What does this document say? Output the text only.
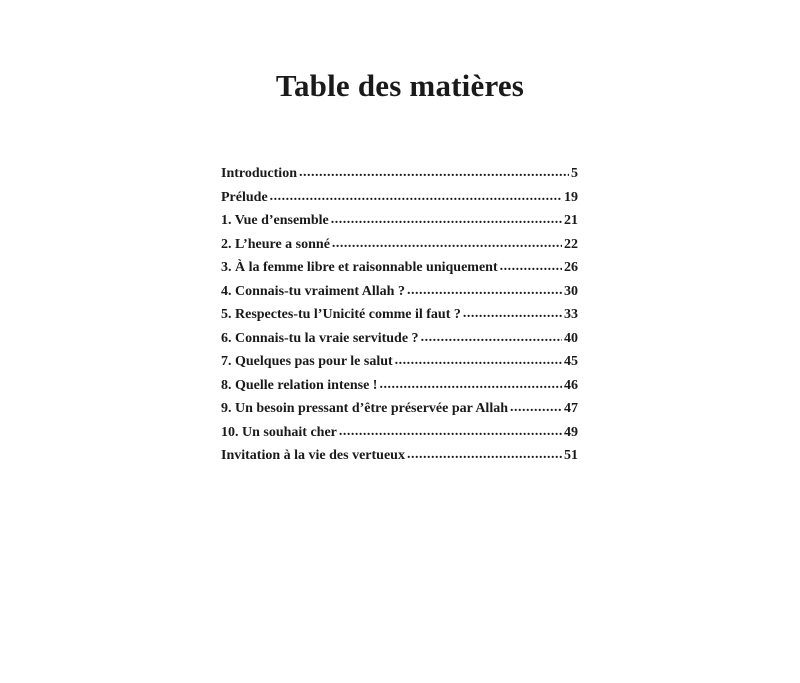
Table des matières
Introduction .....	5
Prélude .....	19
1. Vue d’ensemble .....	21
2. L’heure a sonné .....	22
3. À la femme libre et raisonnable uniquement .....	26
4. Connais-tu vraiment Allah ? .....	30
5. Respectes-tu l’Unicité comme il faut ? .....	33
6. Connais-tu la vraie servitude ? .....	40
7. Quelques pas pour le salut .....	45
8. Quelle relation intense ! .....	46
9. Un besoin pressant d’être préservée par Allah .....	47
10. Un souhait cher .....	49
Invitation à la vie des vertueux .....	51
